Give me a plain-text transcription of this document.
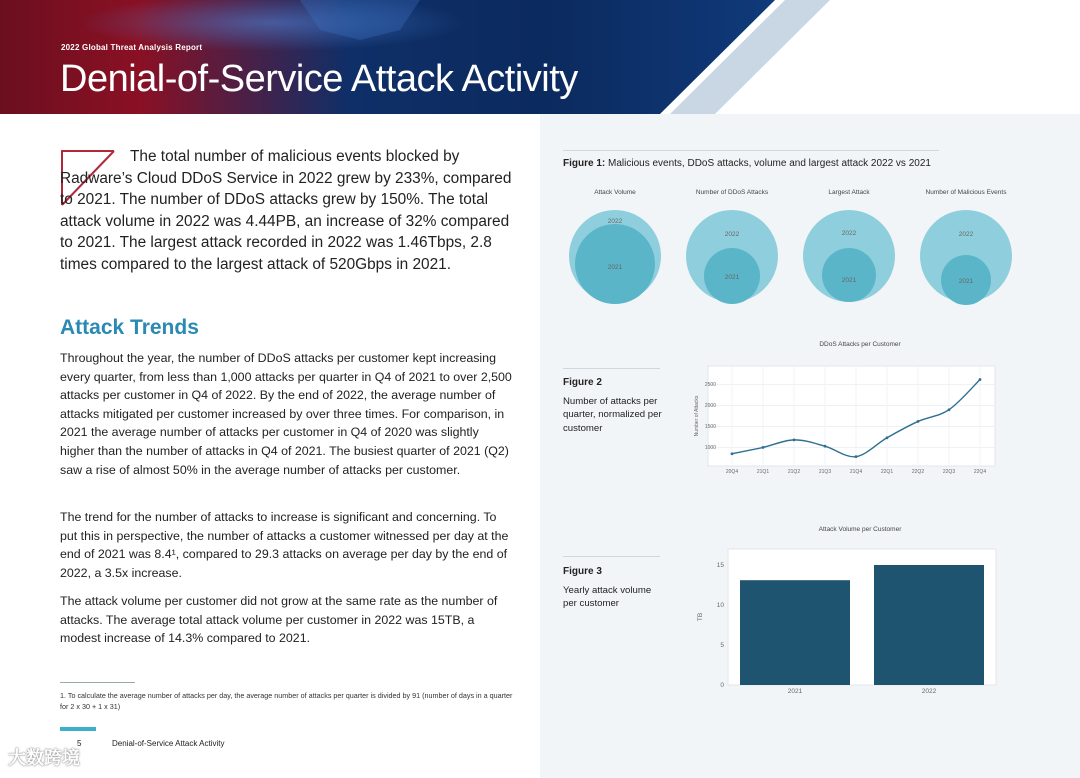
2022 Global Threat Analysis Report
Denial-of-Service Attack Activity
The total number of malicious events blocked by Radware’s Cloud DDoS Service in 2022 grew by 233%, compared to 2021. The number of DDoS attacks grew by 150%. The total attack volume in 2022 was 4.44PB, an increase of 32% compared to 2021. The largest attack recorded in 2022 was 1.46Tbps, 2.8 times compared to the largest attack of 520Gbps in 2021.
Attack Trends

Throughout the year, the number of DDoS attacks per customer kept increasing every quarter, from less than 1,000 attacks per quarter in Q4 of 2021 to over 2,500 attacks per customer in Q4 of 2022. By the end of 2022, the average number of attacks mitigated per customer increased by over three times. For comparison, in 2021 the average number of attacks per customer in Q4 of 2020 was slightly higher than the number of attacks in Q4 of 2021. The busiest quarter of 2021 (Q2) saw a rise of almost 50% in the average number of attacks per customer.

The trend for the number of attacks to increase is significant and concerning. To put this in perspective, the number of attacks a customer witnessed per day at the end of 2021 was 8.4¹, compared to 29.3 attacks on average per day by the end of 2022, a 3.5x increase.

The attack volume per customer did not grow at the same rate as the number of attacks. The average total attack volume per customer in 2022 was 15TB, a modest increase of 14.3% compared to 2021.

1. To calculate the average number of attacks per day, the average number of attacks per quarter is divided by 91 (number of days in a quarter for 2 x 30 + 1 x 31)
5	Denial-of-Service Attack Activity
大数跨境
Figure 1: Malicious events, DDoS attacks, volume and largest attack 2022 vs 2021
Attack Volume	Number of DDoS Attacks	Largest Attack	Number of Malicious Events
2022
2021
2022
2021
2022
2021
2022
2021
Figure 2
Number of attacks per quarter, normalized per customer
DDoS Attacks per Customer
1000
1500
2000
2500
20Q4	21Q1	21Q2	21Q3	21Q4	22Q1	22Q2	22Q3	22Q4
Number of Attacks
Figure 3
Yearly attack volume per customer
Attack Volume per Customer
0
5
10
15
2021	2022
TB
